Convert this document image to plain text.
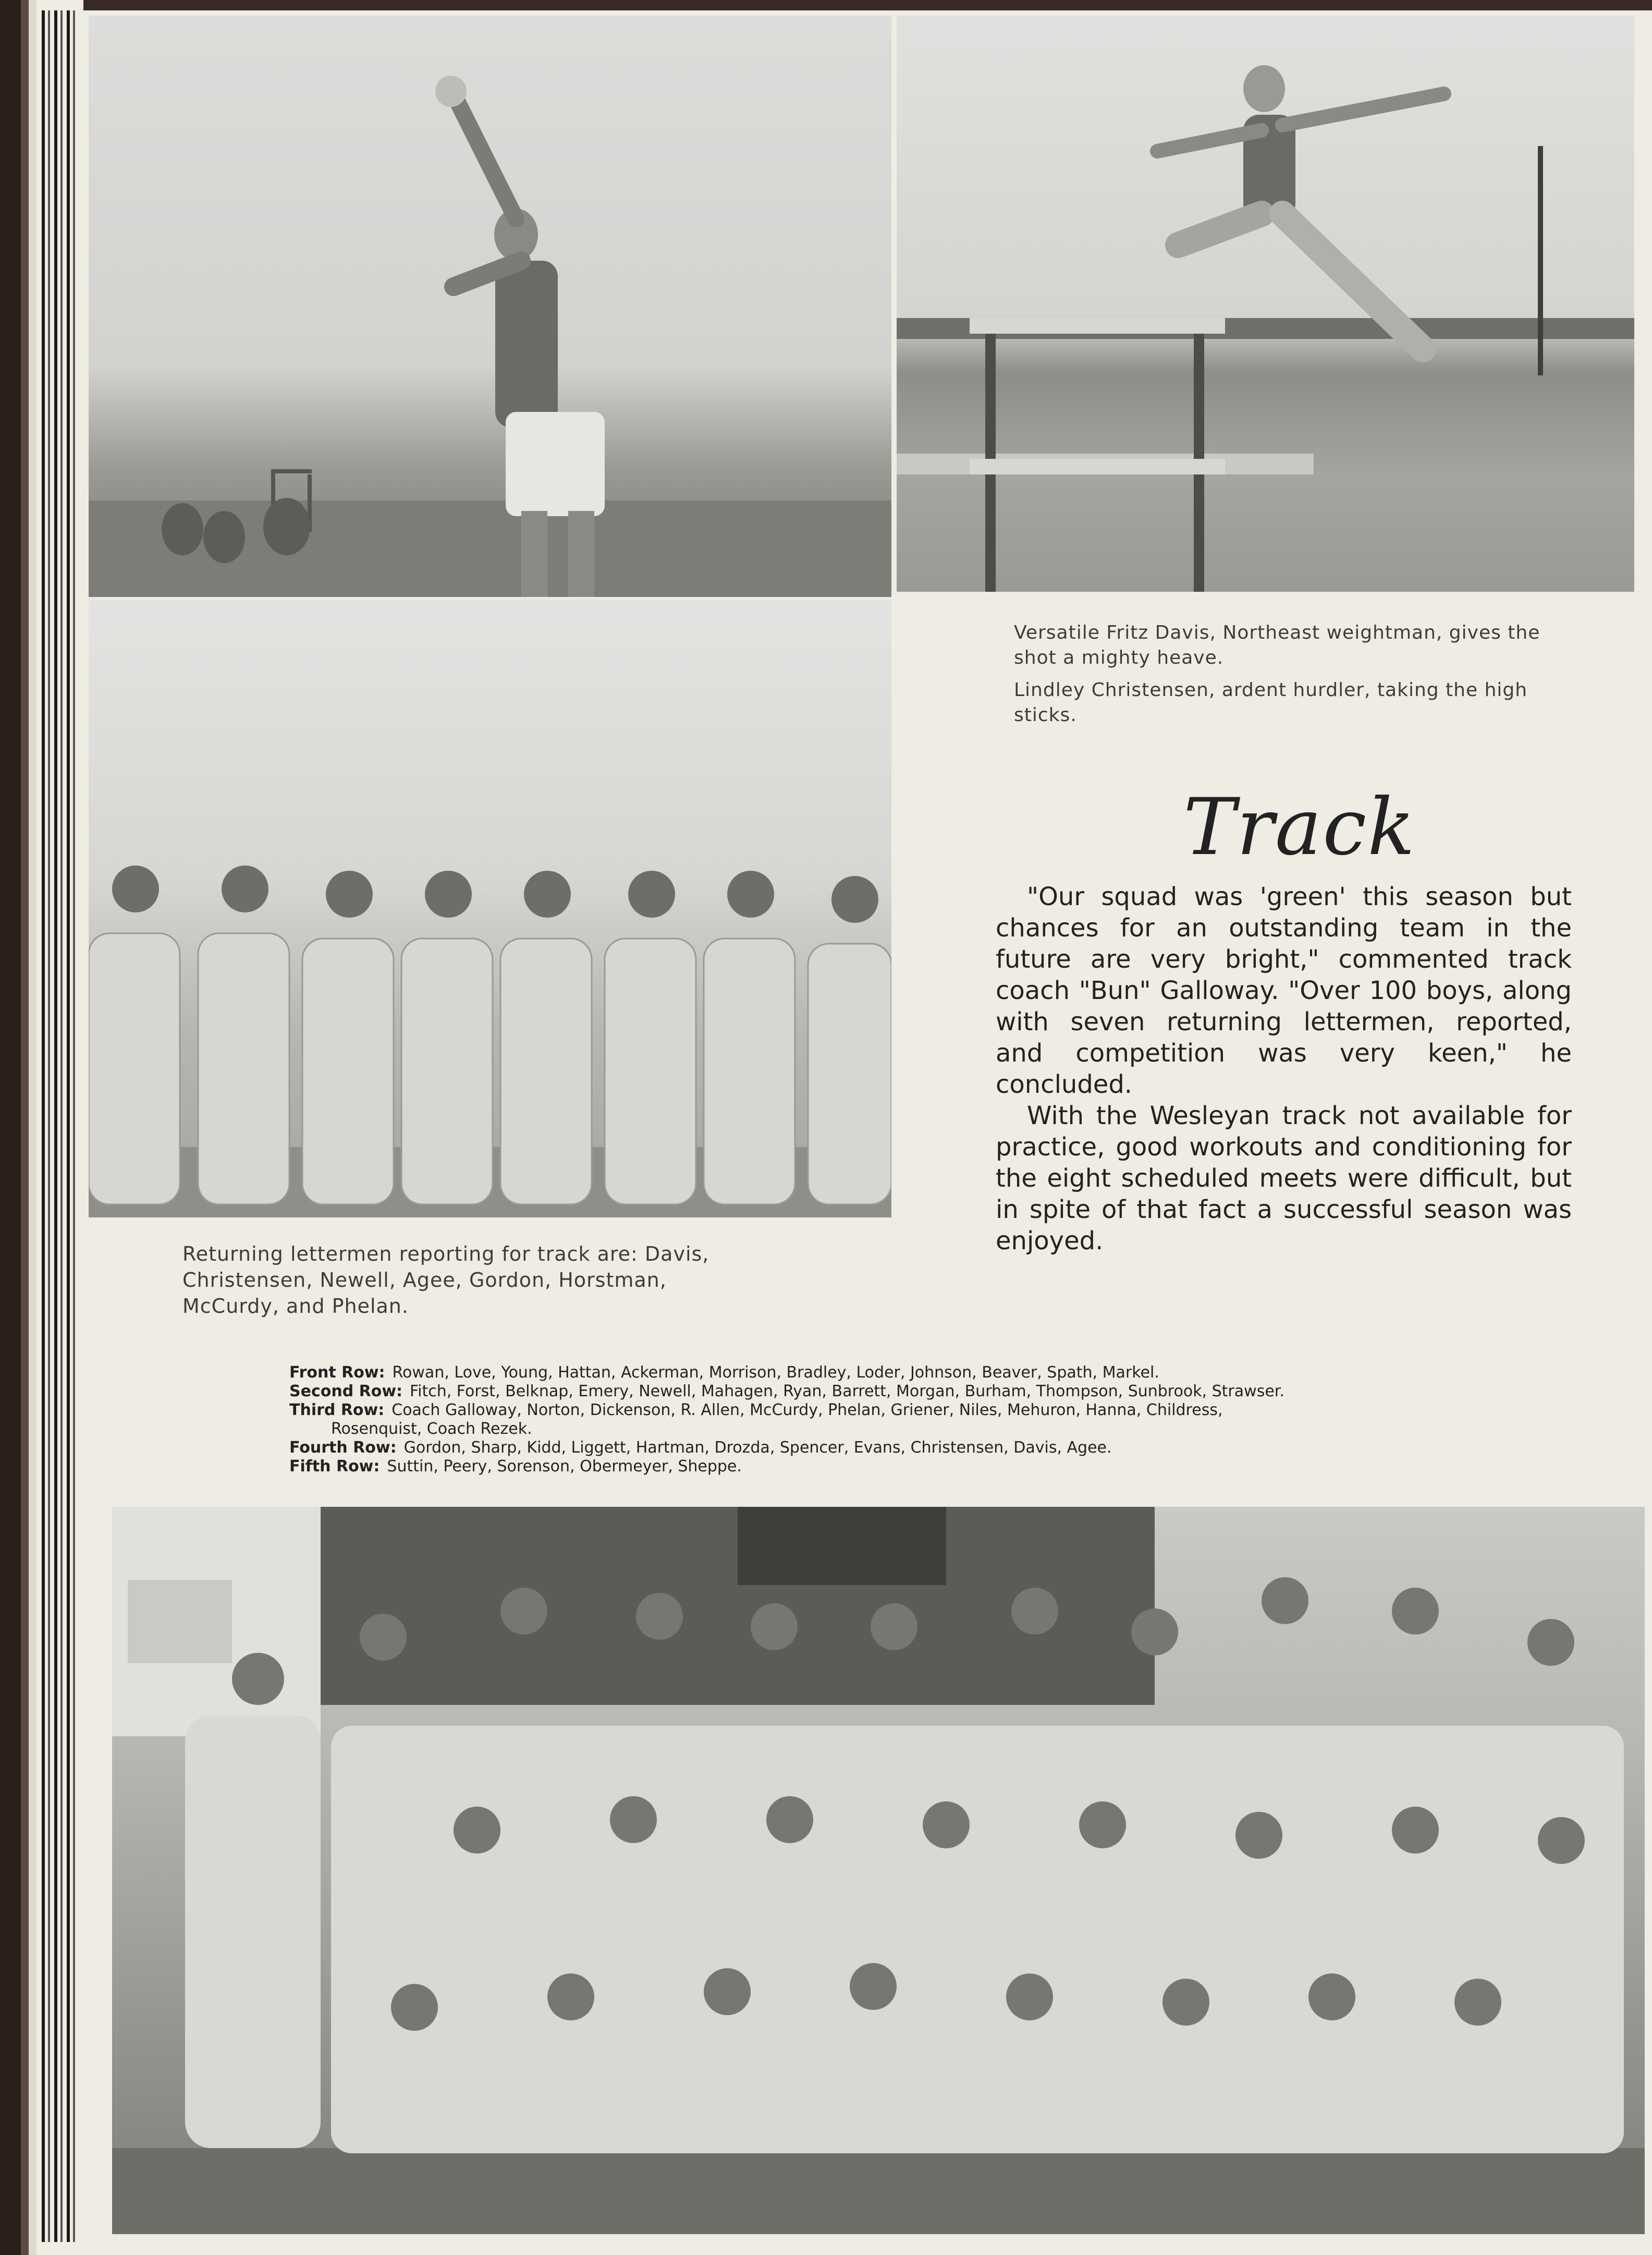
Versatile Fritz Davis, Northeast weightman, gives the shot a mighty heave.
Lindley Christensen, ardent hurdler, taking the high sticks.
Returning lettermen reporting for track are: Davis, Christensen, Newell, Agee, Gordon, Horstman, McCurdy, and Phelan.
Track

"Our squad was 'green' this season but chances for an outstanding team in the future are very bright," commented track coach "Bun" Galloway. "Over 100 boys, along with seven returning lettermen, reported, and competition was very keen," he concluded.

With the Wesleyan track not available for practice, good workouts and conditioning for the eight scheduled meets were difficult, but in spite of that fact a successful season was enjoyed.

Front Row: Rowan, Love, Young, Hattan, Ackerman, Morrison, Bradley, Loder, Johnson, Beaver, Spath, Markel.
Second Row: Fitch, Forst, Belknap, Emery, Newell, Mahagen, Ryan, Barrett, Morgan, Burham, Thompson, Sunbrook, Strawser.
Third Row: Coach Galloway, Norton, Dickenson, R. Allen, McCurdy, Phelan, Griener, Niles, Mehuron, Hanna, Childress,
Rosenquist, Coach Rezek.
Fourth Row: Gordon, Sharp, Kidd, Liggett, Hartman, Drozda, Spencer, Evans, Christensen, Davis, Agee.
Fifth Row: Suttin, Peery, Sorenson, Obermeyer, Sheppe.
